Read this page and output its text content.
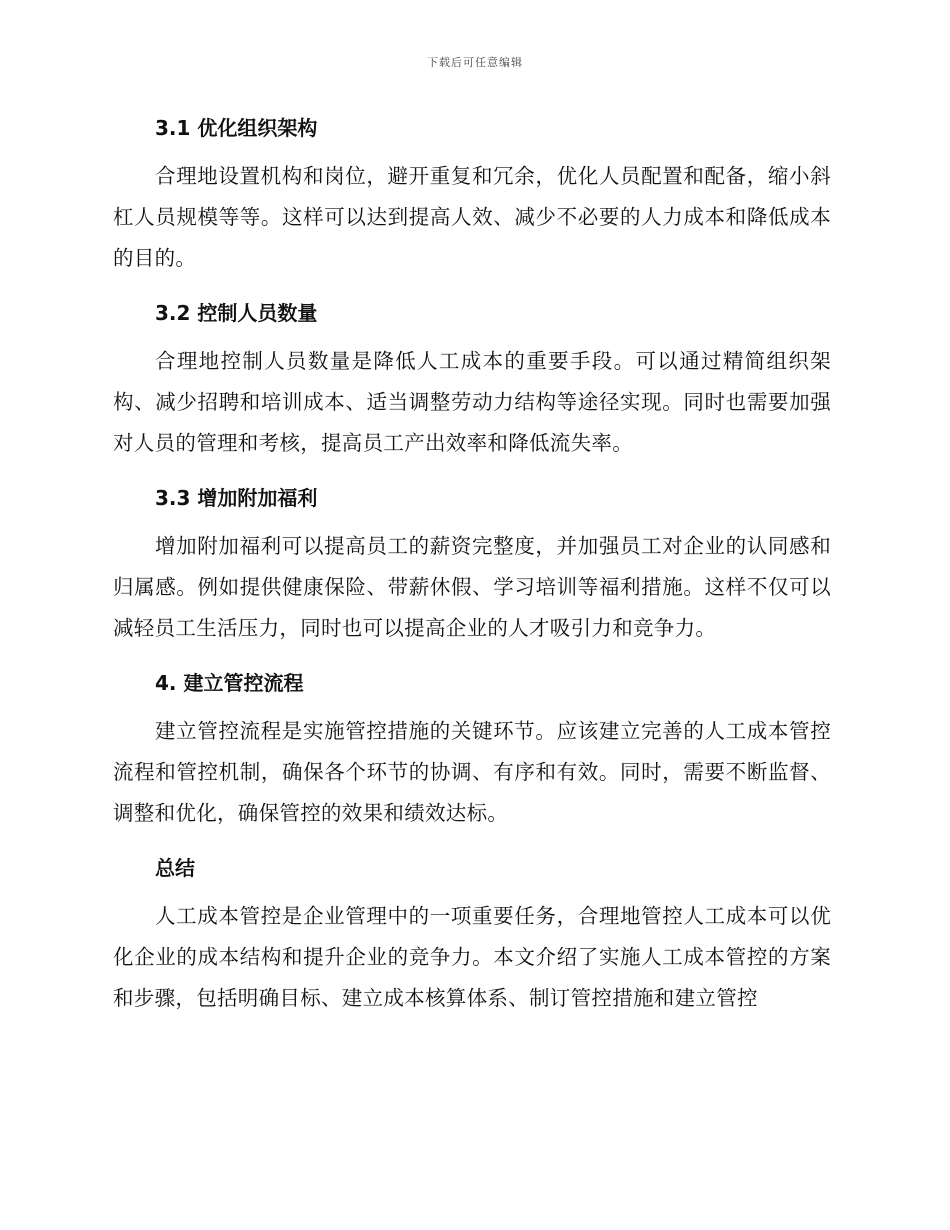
下载后可任意编辑
3.1 优化组织架构

合理地设置机构和岗位，避开重复和冗余，优化人员配置和配备，缩小斜杠人员规模等等。这样可以达到提高人效、减少不必要的人力成本和降低成本的目的。

3.2 控制人员数量

合理地控制人员数量是降低人工成本的重要手段。可以通过精简组织架构、减少招聘和培训成本、适当调整劳动力结构等途径实现。同时也需要加强对人员的管理和考核，提高员工产出效率和降低流失率。

3.3 增加附加福利

增加附加福利可以提高员工的薪资完整度，并加强员工对企业的认同感和归属感。例如提供健康保险、带薪休假、学习培训等福利措施。这样不仅可以减轻员工生活压力，同时也可以提高企业的人才吸引力和竞争力。

4. 建立管控流程

建立管控流程是实施管控措施的关键环节。应该建立完善的人工成本管控流程和管控机制，确保各个环节的协调、有序和有效。同时，需要不断监督、调整和优化，确保管控的效果和绩效达标。

总结

人工成本管控是企业管理中的一项重要任务，合理地管控人工成本可以优化企业的成本结构和提升企业的竞争力。本文介绍了实施人工成本管控的方案和步骤，包括明确目标、建立成本核算体系、制订管控措施和建立管控
